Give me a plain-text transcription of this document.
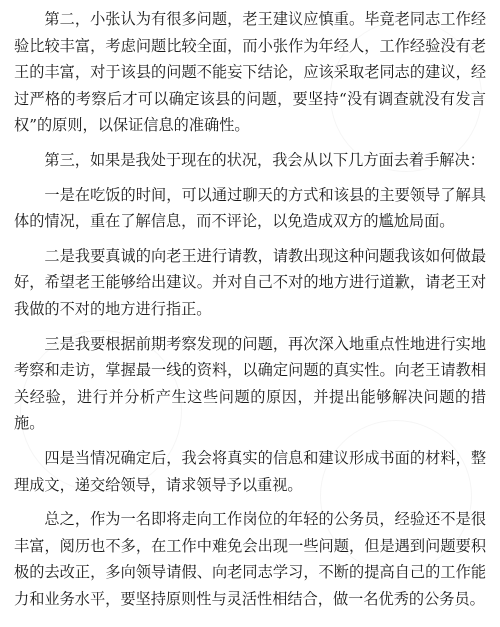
第二，小张认为有很多问题，老王建议应慎重。毕竟老同志工作经验比较丰富，考虑问题比较全面，而小张作为年经人，工作经验没有老王的丰富，对于该县的问题不能妄下结论，应该采取老同志的建议，经过严格的考察后才可以确定该县的问题，要坚持“没有调查就没有发言权”的原则，以保证信息的准确性。

第三，如果是我处于现在的状况，我会从以下几方面去着手解决：

一是在吃饭的时间，可以通过聊天的方式和该县的主要领导了解具体的情况，重在了解信息，而不评论，以免造成双方的尴尬局面。

二是我要真诚的向老王进行请教，请教出现这种问题我该如何做最好，希望老王能够给出建议。并对自己不对的地方进行道歉，请老王对我做的不对的地方进行指正。

三是我要根据前期考察发现的问题，再次深入地重点性地进行实地考察和走访，掌握最一线的资料，以确定问题的真实性。向老王请教相关经验，进行并分析产生这些问题的原因，并提出能够解决问题的措施。

四是当情况确定后，我会将真实的信息和建议形成书面的材料，整理成文，递交给领导，请求领导予以重视。

总之，作为一名即将走向工作岗位的年轻的公务员，经验还不是很丰富，阅历也不多，在工作中难免会出现一些问题，但是遇到问题要积极的去改正，多向领导请假、向老同志学习，不断的提高自己的工作能力和业务水平，要坚持原则性与灵活性相结合，做一名优秀的公务员。
